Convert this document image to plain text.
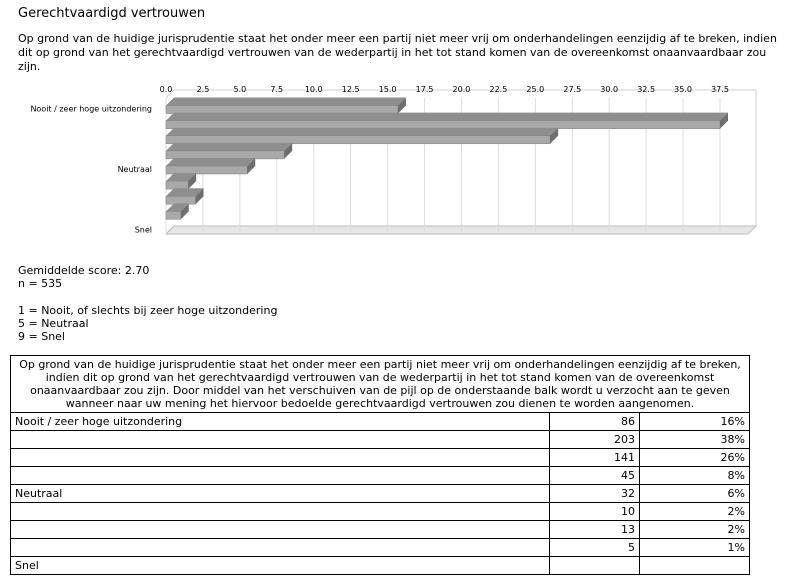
Gerechtvaardigd vertrouwen
Op grond van de huidige jurisprudentie staat het onder meer een partij niet meer vrij om onderhandelingen eenzijdig af te breken, indien dit op grond van het gerechtvaardigd vertrouwen van de wederpartij in het tot stand komen van de overeenkomst onaanvaardbaar zou zijn.
0.0	2.5	5.0	7.5	10.0 12.5 15.0 17.5 20.0 22.5 25.0 27.5 30.0 32.5 35.0 37.5
Nooit / zeer hoge uitzondering
Neutraal
Snel
Gemiddelde score: 2.70
n = 535
1 = Nooit, of slechts bij zeer hoge uitzondering
5 = Neutraal
9 = Snel
Op grond van de huidige jurisprudentie staat het onder meer een partij niet meer vrij om onderhandelingen eenzijdig af te breken, indien dit op grond van het gerechtvaardigd vertrouwen van de wederpartij in het tot stand komen van de overeenkomst onaanvaardbaar zou zijn. Door middel van het verschuiven van de pijl op de onderstaande balk wordt u verzocht aan te geven wanneer naar uw mening het hiervoor bedoelde gerechtvaardigd vertrouwen zou dienen te worden aangenomen.		
Nooit / zeer hoge uitzondering	86	16%
	203	38%
	141	26%
	45	8%
Neutraal	32	6%
	10	2%
	13	2%
	5	1%
Snel		
